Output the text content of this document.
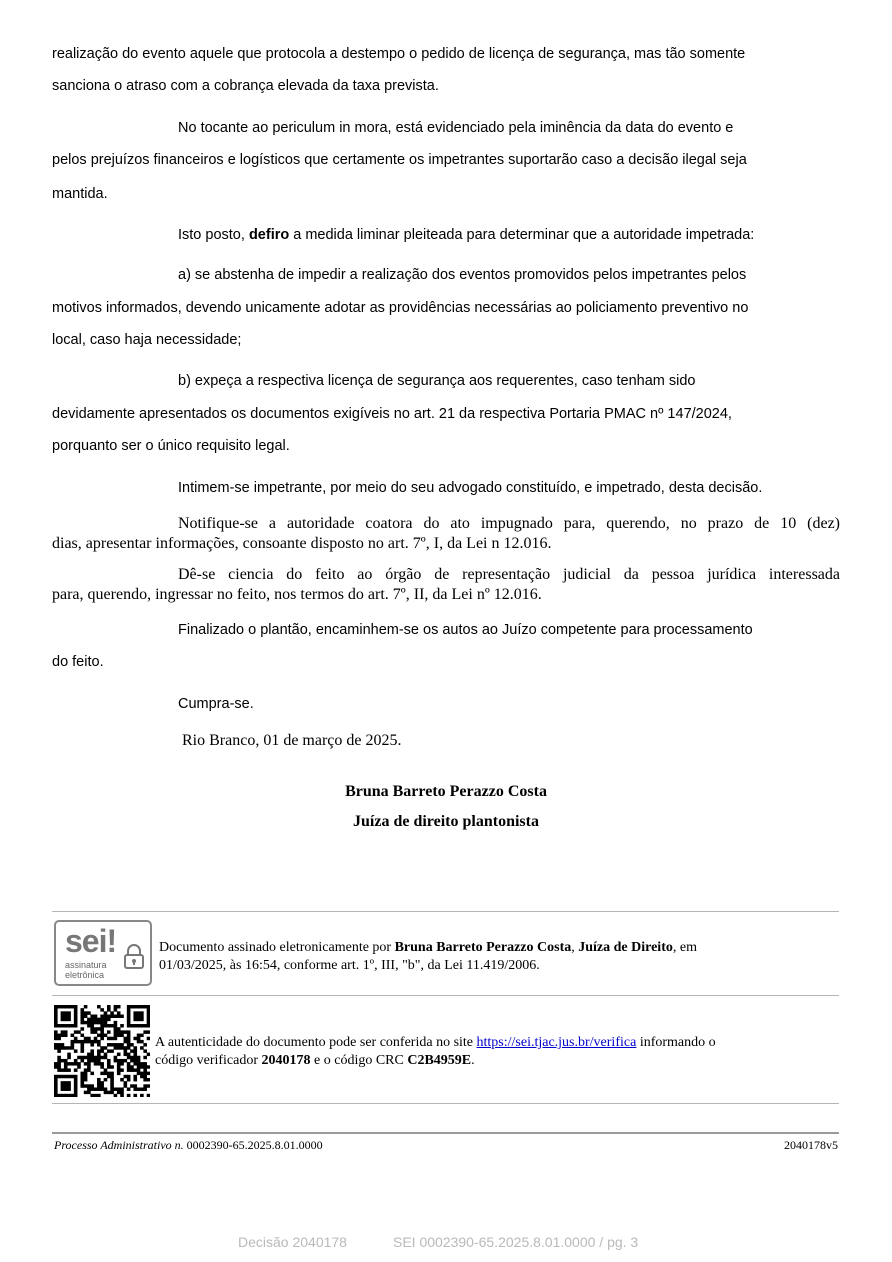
realização do evento aquele que protocola a destempo o pedido de licença de segurança, mas tão somente
sanciona o atraso com a cobrança elevada da taxa prevista.
No tocante ao periculum in mora, está evidenciado pela iminência da data do evento e
pelos prejuízos financeiros e logísticos que certamente os impetrantes suportarão caso a decisão ilegal seja
mantida.
Isto posto, defiro a medida liminar pleiteada para determinar que a autoridade impetrada:
a) se abstenha de impedir a realização dos eventos promovidos pelos impetrantes pelos
motivos informados, devendo unicamente adotar as providências necessárias ao policiamento preventivo no
local, caso haja necessidade;
b) expeça a respectiva licença de segurança aos requerentes, caso tenham sido
devidamente apresentados os documentos exigíveis no art. 21 da respectiva Portaria PMAC nº 147/2024,
porquanto ser o único requisito legal.
Intimem-se impetrante, por meio do seu advogado constituído, e impetrado, desta decisão.
Notifique-se a autoridade coatora do ato impugnado para, querendo, no prazo de 10 (dez)
dias, apresentar informações, consoante disposto no art. 7º, I, da Lei n 12.016.
Dê-se ciencia do feito ao órgão de representação judicial da pessoa jurídica interessada
para, querendo, ingressar no feito, nos termos do art. 7º, II, da Lei nº 12.016.
Finalizado o plantão, encaminhem-se os autos ao Juízo competente para processamento
do feito.
Cumpra-se.
Rio Branco, 01 de março de 2025.
Bruna Barreto Perazzo Costa
Juíza de direito plantonista
sei!
assinatura
eletrônica
Documento assinado eletronicamente por Bruna Barreto Perazzo Costa, Juíza de Direito, em
01/03/2025, às 16:54, conforme art. 1º, III, "b", da Lei 11.419/2006.
A autenticidade do documento pode ser conferida no site https://sei.tjac.jus.br/verifica informando o
código verificador 2040178 e o código CRC C2B4959E.
Processo Administrativo n. 0002390-65.2025.8.01.0000	2040178v5
Decisão 2040178	SEI 0002390-65.2025.8.01.0000 / pg. 3
